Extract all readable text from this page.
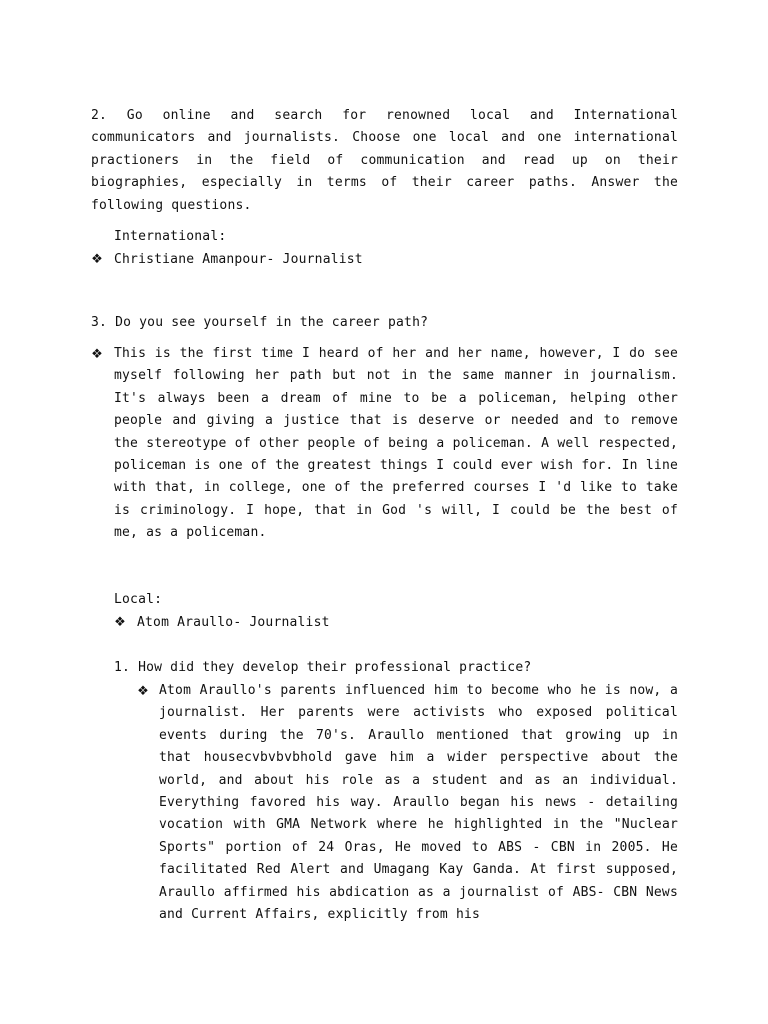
2. Go online and search for renowned local and International communicators and journalists. Choose one local and one international practioners in the field of communication and read up on their biographies, especially in terms of their career paths. Answer the following questions.

International:

❖ Christiane Amanpour- Journalist

3. Do you see yourself in the career path?

❖ This is the first time I heard of her and her name, however, I do see myself following her path but not in the same manner in journalism. It's always been a dream of mine to be a policeman, helping other people and giving a justice that is deserve or needed and to remove the stereotype of other people of being a policeman. A well respected, policeman is one of the greatest things I could ever wish for. In line with that, in college, one of the preferred courses I 'd like to take is criminology. I hope, that in God 's will, I could be the best of me, as a policeman.

Local:

❖ Atom Araullo- Journalist

1. How did they develop their professional practice?

❖ Atom Araullo's parents influenced him to become who he is now, a journalist. Her parents were activists who exposed political events during the 70's. Araullo mentioned that growing up in that housecvbvbvbhold gave him a wider perspective about the world, and about his role as a student and as an individual. Everything favored his way. Araullo began his news - detailing vocation with GMA Network where he highlighted in the "Nuclear Sports" portion of 24 Oras, He moved to ABS - CBN in 2005. He facilitated Red Alert and Umagang Kay Ganda. At first supposed, Araullo affirmed his abdication as a journalist of ABS- CBN News and Current Affairs, explicitly from his
